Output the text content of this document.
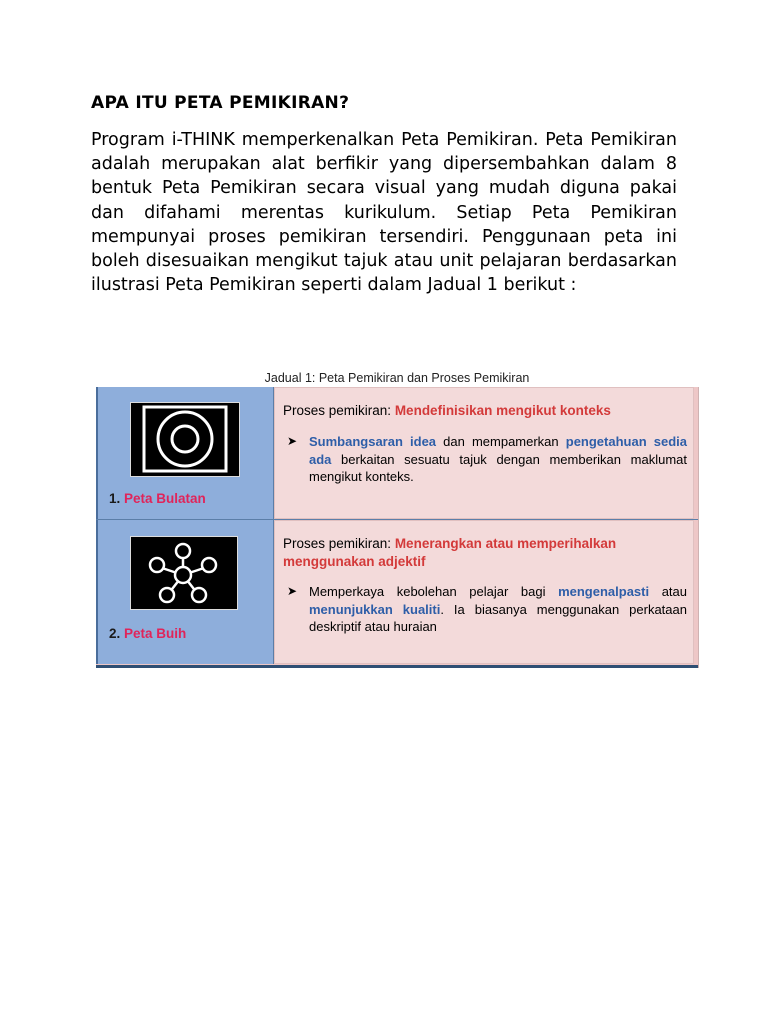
APA ITU PETA PEMIKIRAN?

Program i-THINK memperkenalkan Peta Pemikiran. Peta Pemikiran adalah merupakan alat berfikir yang dipersembahkan dalam 8 bentuk Peta Pemikiran secara visual yang mudah diguna pakai dan difahami merentas kurikulum. Setiap Peta Pemikiran mempunyai proses pemikiran tersendiri. Penggunaan peta ini boleh disesuaikan mengikut tajuk atau unit pelajaran berdasarkan ilustrasi Peta Pemikiran seperti dalam Jadual 1 berikut :

Jadual 1: Peta Pemikiran dan Proses Pemikiran

1. Peta Bulatan
Proses pemikiran: Mendefinisikan mengikut konteks
➤ Sumbangsaran idea dan mempamerkan pengetahuan sedia ada berkaitan sesuatu tajuk dengan memberikan maklumat mengikut konteks.
2. Peta Buih
Proses pemikiran: Menerangkan atau memperihalkan menggunakan adjektif
➤ Memperkaya kebolehan pelajar bagi mengenalpasti atau menunjukkan kualiti. Ia biasanya menggunakan perkataan deskriptif atau huraian
